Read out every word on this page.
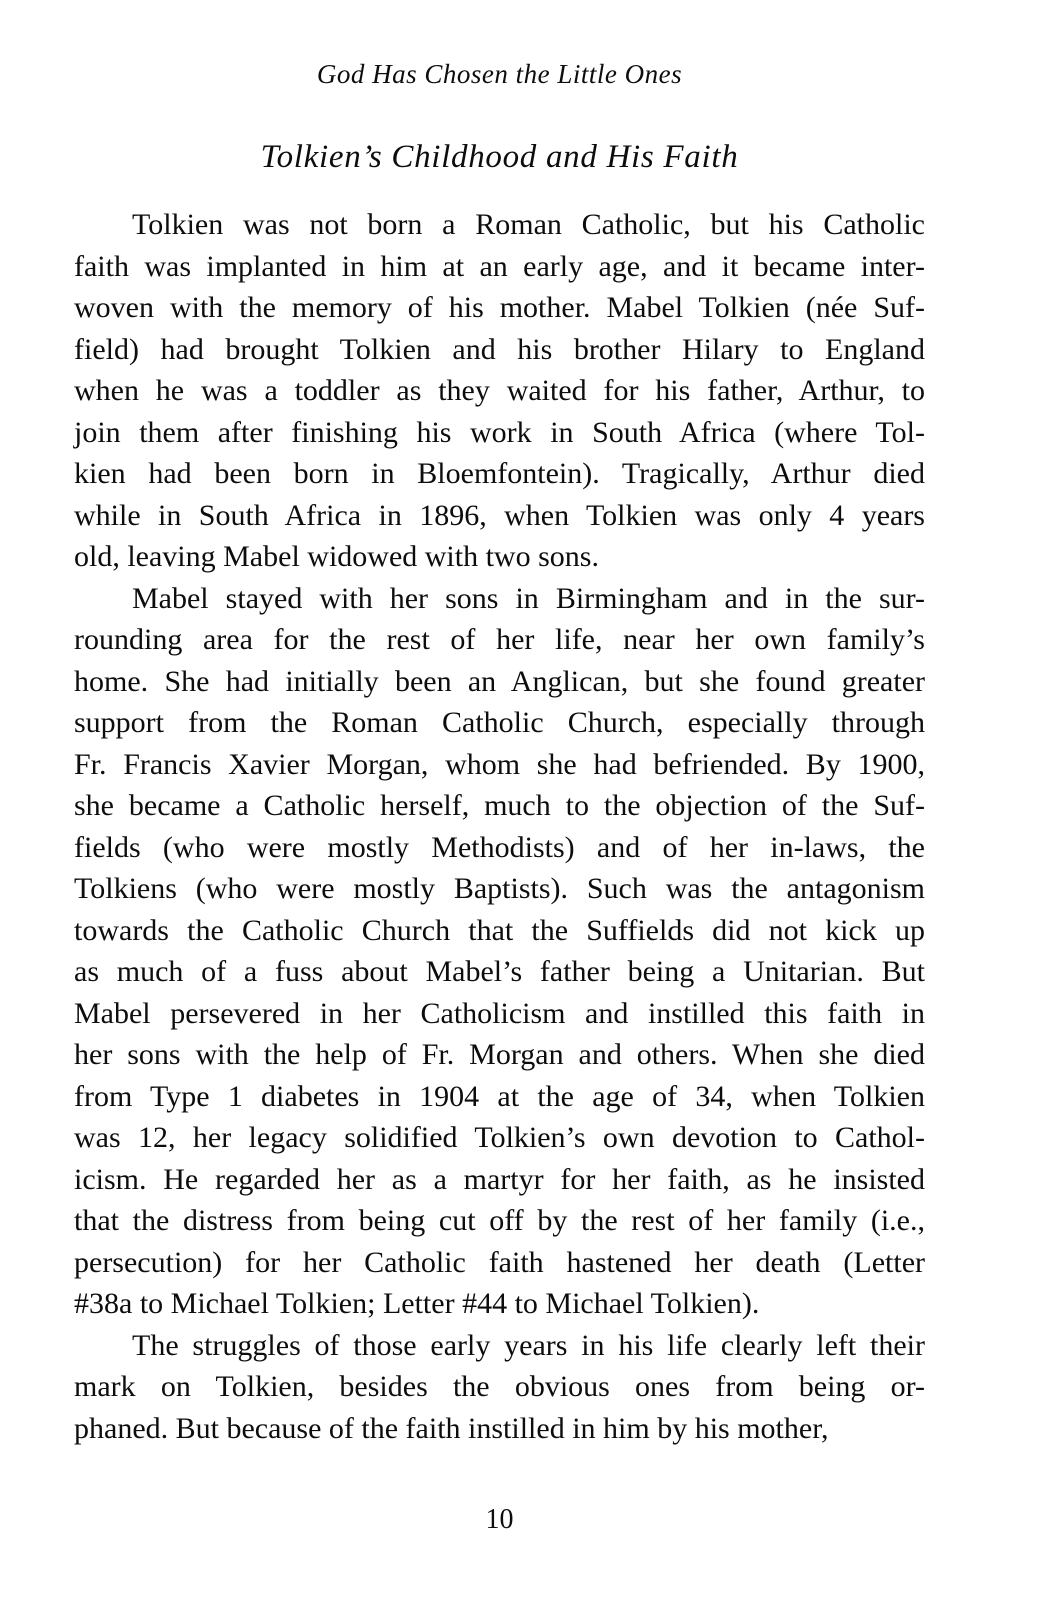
God Has Chosen the Little Ones
Tolkien’s Childhood and His Faith
Tolkien was not born a Roman Catholic, but his Catholic
faith was implanted in him at an early age, and it became inter-
woven with the memory of his mother. Mabel Tolkien (née Suf-
field) had brought Tolkien and his brother Hilary to England
when he was a toddler as they waited for his father, Arthur, to
join them after finishing his work in South Africa (where Tol-
kien had been born in Bloemfontein). Tragically, Arthur died
while in South Africa in 1896, when Tolkien was only 4 years
old, leaving Mabel widowed with two sons.
Mabel stayed with her sons in Birmingham and in the sur-
rounding area for the rest of her life, near her own family’s
home. She had initially been an Anglican, but she found greater
support from the Roman Catholic Church, especially through
Fr. Francis Xavier Morgan, whom she had befriended. By 1900,
she became a Catholic herself, much to the objection of the Suf-
fields (who were mostly Methodists) and of her in-laws, the
Tolkiens (who were mostly Baptists). Such was the antagonism
towards the Catholic Church that the Suffields did not kick up
as much of a fuss about Mabel’s father being a Unitarian. But
Mabel persevered in her Catholicism and instilled this faith in
her sons with the help of Fr. Morgan and others. When she died
from Type 1 diabetes in 1904 at the age of 34, when Tolkien
was 12, her legacy solidified Tolkien’s own devotion to Cathol-
icism. He regarded her as a martyr for her faith, as he insisted
that the distress from being cut off by the rest of her family (i.e.,
persecution) for her Catholic faith hastened her death (Letter
#38a to Michael Tolkien; Letter #44 to Michael Tolkien).
The struggles of those early years in his life clearly left their
mark on Tolkien, besides the obvious ones from being or-
phaned. But because of the faith instilled in him by his mother,
10
